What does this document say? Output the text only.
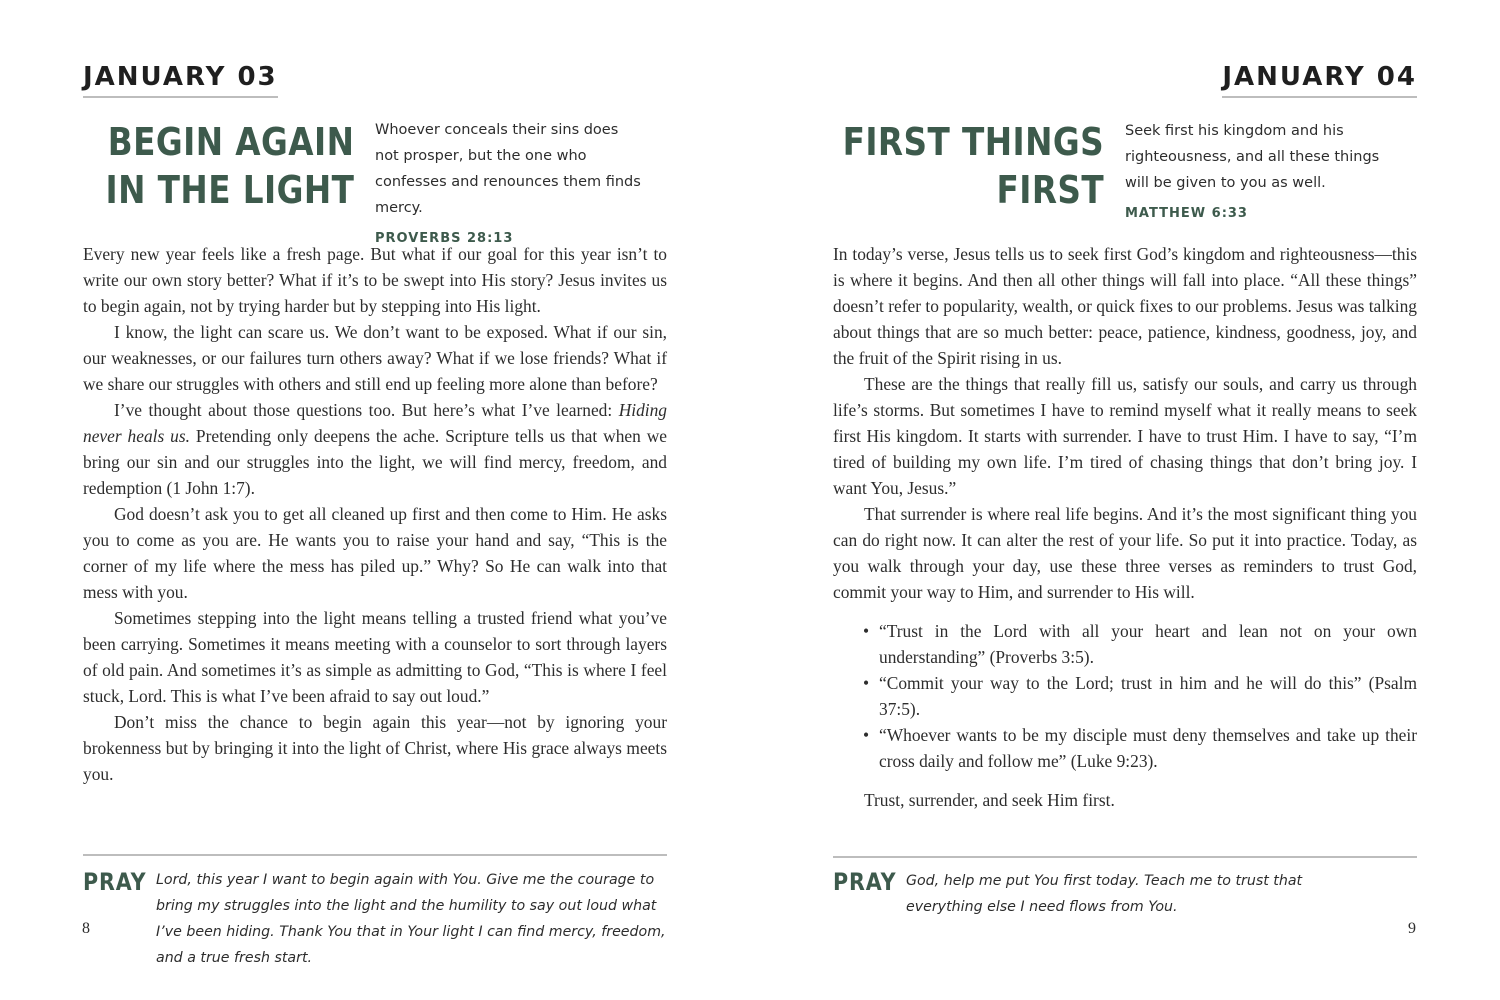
JANUARY 03
BEGIN AGAIN
IN THE LIGHT
Whoever conceals their sins does not prosper, but the one who confesses and renounces them finds mercy.
PROVERBS 28:13

Every new year feels like a fresh page. But what if our goal for this year isn’t to write our own story better? What if it’s to be swept into His story? Jesus invites us to begin again, not by trying harder but by stepping into His light.

I know, the light can scare us. We don’t want to be exposed. What if our sin, our weaknesses, or our failures turn others away? What if we lose friends? What if we share our struggles with others and still end up feeling more alone than before?

I’ve thought about those questions too. But here’s what I’ve learned: Hiding never heals us. Pretending only deepens the ache. Scripture tells us that when we bring our sin and our struggles into the light, we will find mercy, freedom, and redemption (1 John 1:7).

God doesn’t ask you to get all cleaned up first and then come to Him. He asks you to come as you are. He wants you to raise your hand and say, “This is the corner of my life where the mess has piled up.” Why? So He can walk into that mess with you.

Sometimes stepping into the light means telling a trusted friend what you’ve been carrying. Sometimes it means meeting with a counselor to sort through layers of old pain. And sometimes it’s as simple as admitting to God, “This is where I feel stuck, Lord. This is what I’ve been afraid to say out loud.”

Don’t miss the chance to begin again this year—not by ignoring your brokenness but by bringing it into the light of Christ, where His grace always meets you.

PRAY Lord, this year I want to begin again with You. Give me the courage to bring my struggles into the light and the humility to say out loud what I’ve been hiding. Thank You that in Your light I can find mercy, freedom, and a true fresh start.
8
JANUARY 04
FIRST THINGS
FIRST
Seek first his kingdom and his righteousness, and all these things will be given to you as well.
MATTHEW 6:33

In today’s verse, Jesus tells us to seek first God’s kingdom and righteousness—this is where it begins. And then all other things will fall into place. “All these things” doesn’t refer to popularity, wealth, or quick fixes to our problems. Jesus was talking about things that are so much better: peace, patience, kindness, goodness, joy, and the fruit of the Spirit rising in us.

These are the things that really fill us, satisfy our souls, and carry us through life’s storms. But sometimes I have to remind myself what it really means to seek first His kingdom. It starts with surrender. I have to trust Him. I have to say, “I’m tired of building my own life. I’m tired of chasing things that don’t bring joy. I want You, Jesus.”

That surrender is where real life begins. And it’s the most significant thing you can do right now. It can alter the rest of your life. So put it into practice. Today, as you walk through your day, use these three verses as reminders to trust God, commit your way to Him, and surrender to His will.

• “Trust in the Lord with all your heart and lean not on your own understanding” (Proverbs 3:5).
• “Commit your way to the Lord; trust in him and he will do this” (Psalm 37:5).
• “Whoever wants to be my disciple must deny themselves and take up their cross daily and follow me” (Luke 9:23).

Trust, surrender, and seek Him first.

PRAY God, help me put You first today. Teach me to trust that everything else I need flows from You.
9
